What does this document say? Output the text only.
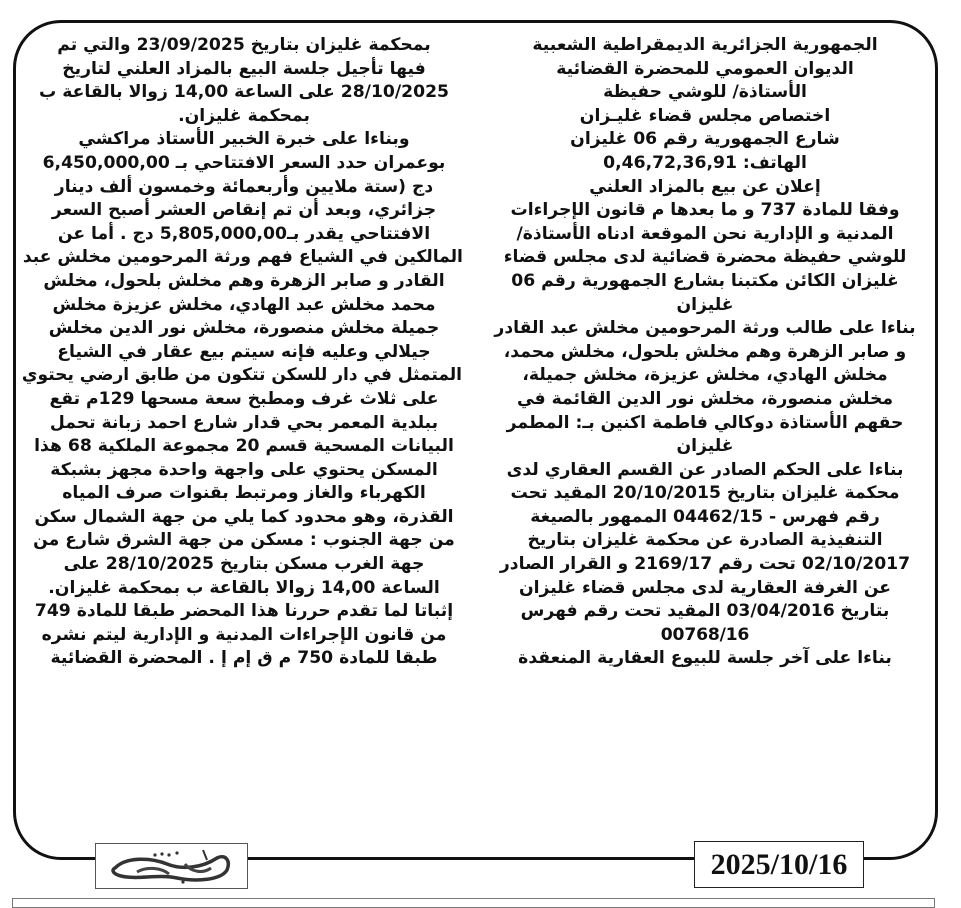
الجمهورية الجزائرية الديمقراطية الشعبية

الديوان العمومي للمحضرة القضائية

الأستاذة/ للوشي حفيظة

اختصاص مجلس قضاء غليـزان

شارع الجمهورية رقم 06 غليزان

الهاتف: 0,46,72,36,91

إعلان عن بيع بالمزاد العلني

وفقا للمادة 737 و ما بعدها م قانون الإجراءات

المدنية و الإدارية نحن الموقعة ادناه الأستاذة/

للوشي حفيظة محضرة قضائية لدى مجلس قضاء

غليزان الكائن مكتبنا بشارع الجمهورية رقم 06

غليزان

بناءا على طالب ورثة المرحومين مخلش عبد القادر

و صابر الزهرة وهم مخلش بلحول، مخلش محمد،

مخلش الهادي، مخلش عزيزة، مخلش جميلة،

مخلش منصورة، مخلش نور الدين القائمة في

حقهم الأستاذة دوكالي فاطمة اكنين بـ: المطمر

غليزان

بناءا على الحكم الصادر عن القسم العقاري لدى

محكمة غليزان بتاريخ 20/10/2015 المقيد تحت

رقم فهرس - 04462/15 الممهور بالصيغة

التنفيذية الصادرة عن محكمة غليزان بتاريخ

02/10/2017 تحت رقم 2169/17 و القرار الصادر

عن الغرفة العقارية لدى مجلس قضاء غليزان

بتاريخ 03/04/2016 المقيد تحت رقم فهرس

00768/16

بناءا على آخر جلسة للبيوع العقارية المنعقدة

بمحكمة غليزان بتاريخ 23/09/2025 والتي تم

فيها تأجيل جلسة البيع بالمزاد العلني لتاريخ

28/10/2025 على الساعة 14,00 زوالا بالقاعة ب

بمحكمة غليزان.

وبناءا على خبرة الخبير الأستاذ مراكشي

بوعمران حدد السعر الافتتاحي بـ 6,450,000,00

دج (ستة ملايين وأربعمائة وخمسون ألف دينار

جزائري، وبعد أن تم إنقاص العشر أصبح السعر

الافتتاحي يقدر بـ5,805,000,00 دج . أما عن

المالكين في الشياع فهم ورثة المرحومين مخلش عبد

القادر و صابر الزهرة وهم مخلش بلحول، مخلش

محمد مخلش عبد الهادي، مخلش عزيزة مخلش

جميلة مخلش منصورة، مخلش نور الدين مخلش

جيلالي وعليه فإنه سيتم بيع عقار في الشياع

المتمثل في دار للسكن تتكون من طابق ارضي يحتوي

على ثلاث غرف ومطبخ سعة مسحها 129م تقع

ببلدية المعمر بحي قدار شارع احمد زبانة تحمل

البيانات المسحية قسم 20 مجموعة الملكية 68 هذا

المسكن يحتوي على واجهة واحدة مجهز بشبكة

الكهرباء والغاز ومرتبط بقنوات صرف المياه

القذرة، وهو محدود كما يلي من جهة الشمال سكن

من جهة الجنوب : مسكن من جهة الشرق شارع من

جهة الغرب مسكن بتاريخ 28/10/2025 على

الساعة 14,00 زوالا بالقاعة ب بمحكمة غليزان.

إثباتا لما تقدم حررنا هذا المحضر طبقا للمادة 749

من قانون الإجراءات المدنية و الإدارية ليتم نشره

طبقا للمادة 750 م ق إم إ . المحضرة القضائية

2025/10/16
